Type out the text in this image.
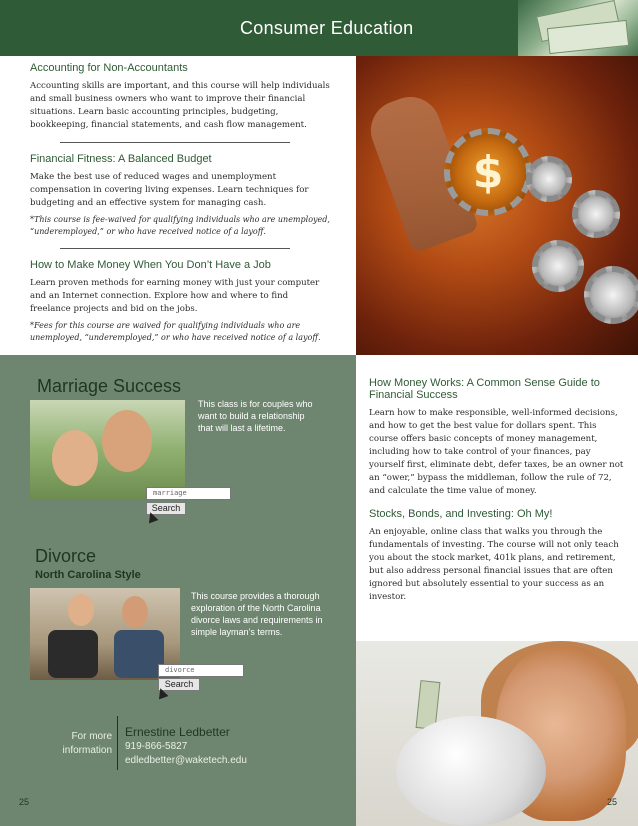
Consumer Education
Accounting for Non-Accountants
Accounting skills are important, and this course will help individuals and small business owners who want to improve their financial situations. Learn basic accounting principles, budgeting, bookkeeping, financial statements, and cash flow management.
Financial Fitness: A Balanced Budget
Make the best use of reduced wages and unemployment compensation in covering living expenses. Learn techniques for budgeting and an effective system for managing cash.
*This course is fee-waived for qualifying individuals who are unemployed, “underemployed,” or who have received notice of a layoff.
How to Make Money When You Don’t Have a Job
Learn proven methods for earning money with just your computer and an Internet connection. Explore how and where to find freelance projects and bid on the jobs.
*Fees for this course are waived for qualifying individuals who are unemployed, “underemployed,” or who have received notice of a layoff.
$
Marriage Success
This class is for couples who want to build a relationship that will last a lifetime.
marriage
Search
Divorce
North Carolina Style
This course provides a thorough exploration of the North Carolina divorce laws and requirements in simple layman’s terms.
divorce
Search
For more
information
Ernestine Ledbetter
919-866-5827
edledbetter@waketech.edu
25
How Money Works: A Common Sense Guide to Financial Success
Learn how to make responsible, well-informed decisions, and how to get the best value for dollars spent. This course offers basic concepts of money management, including how to take control of your finances, pay yourself first, eliminate debt, defer taxes, be an owner not an “ower,” bypass the middleman, follow the rule of 72, and calculate the time value of money.
Stocks, Bonds, and Investing: Oh My!
An enjoyable, online class that walks you through the fundamentals of investing. The course will not only teach you about the stock market, 401k plans, and retirement, but also address personal financial issues that are often ignored but absolutely essential to your success as an investor.
25
